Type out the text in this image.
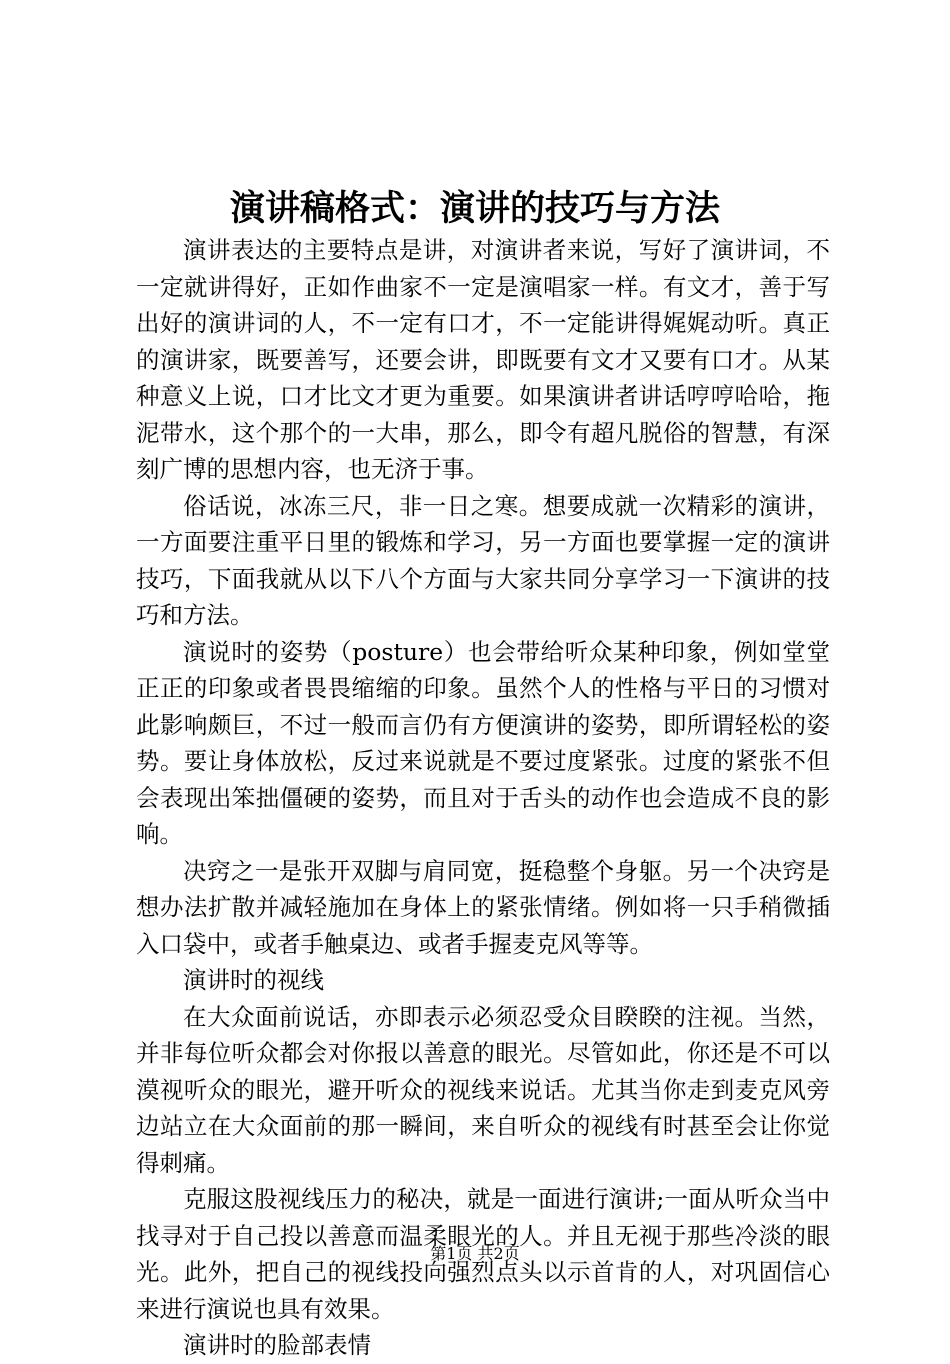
演讲稿格式：演讲的技巧与方法

演讲表达的主要特点是讲，对演讲者来说，写好了演讲词，不一定就讲得好，正如作曲家不一定是演唱家一样。有文才，善于写出好的演讲词的人，不一定有口才，不一定能讲得娓娓动听。真正的演讲家，既要善写，还要会讲，即既要有文才又要有口才。从某种意义上说，口才比文才更为重要。如果演讲者讲话哼哼哈哈，拖泥带水，这个那个的一大串，那么，即令有超凡脱俗的智慧，有深刻广博的思想内容，也无济于事。

俗话说，冰冻三尺，非一日之寒。想要成就一次精彩的演讲，一方面要注重平日里的锻炼和学习，另一方面也要掌握一定的演讲技巧，下面我就从以下八个方面与大家共同分享学习一下演讲的技巧和方法。

演说时的姿势（posture）也会带给听众某种印象，例如堂堂正正的印象或者畏畏缩缩的印象。虽然个人的性格与平日的习惯对此影响颇巨，不过一般而言仍有方便演讲的姿势，即所谓轻松的姿势。要让身体放松，反过来说就是不要过度紧张。过度的紧张不但会表现出笨拙僵硬的姿势，而且对于舌头的动作也会造成不良的影响。

决窍之一是张开双脚与肩同宽，挺稳整个身躯。另一个决窍是想办法扩散并减轻施加在身体上的紧张情绪。例如将一只手稍微插入口袋中，或者手触桌边、或者手握麦克风等等。

演讲时的视线

在大众面前说话，亦即表示必须忍受众目睽睽的注视。当然，并非每位听众都会对你报以善意的眼光。尽管如此，你还是不可以漠视听众的眼光，避开听众的视线来说话。尤其当你走到麦克风旁边站立在大众面前的那一瞬间，来自听众的视线有时甚至会让你觉得刺痛。

克服这股视线压力的秘决，就是一面进行演讲;一面从听众当中找寻对于自己投以善意而温柔眼光的人。并且无视于那些冷淡的眼光。此外，把自己的视线投向强烈点头以示首肯的人，对巩固信心来进行演说也具有效果。

演讲时的脸部表情

第1页 共2页
